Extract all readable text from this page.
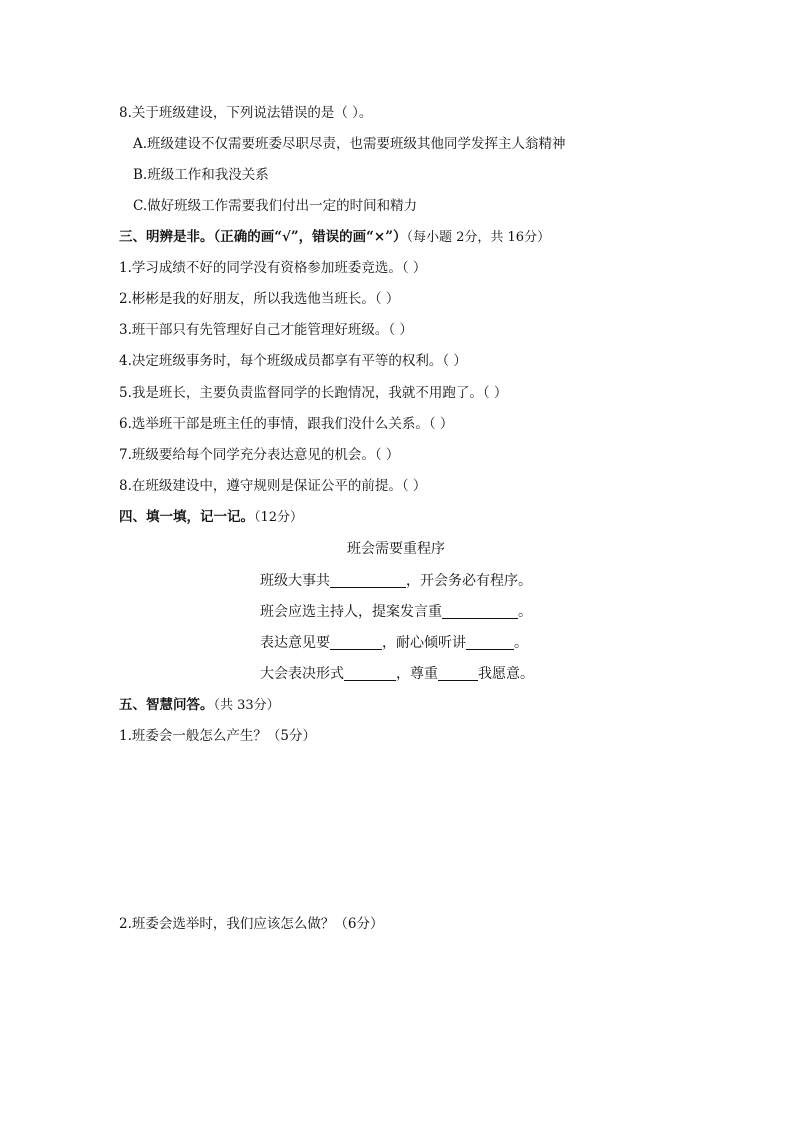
8.关于班级建设，下列说法错误的是（ ）。
A.班级建设不仅需要班委尽职尽责，也需要班级其他同学发挥主人翁精神
B.班级工作和我没关系
C.做好班级工作需要我们付出一定的时间和精力
三、明辨是非。（正确的画“√”，错误的画“×”）（每小题 2分，共 16分）
1.学习成绩不好的同学没有资格参加班委竞选。（ ）
2.彬彬是我的好朋友，所以我选他当班长。（ ）
3.班干部只有先管理好自己才能管理好班级。（ ）
4.决定班级事务时，每个班级成员都享有平等的权利。（ ）
5.我是班长，主要负责监督同学的长跑情况，我就不用跑了。（ ）
6.选举班干部是班主任的事情，跟我们没什么关系。（ ）
7.班级要给每个同学充分表达意见的机会。（ ）
8.在班级建设中，遵守规则是保证公平的前提。（ ）
四、填一填，记一记。（12分）
班会需要重程序
班级大事共	，开会务必有程序。
班会应选主持人，提案发言重	。
表达意见要	，耐心倾听讲	。
大会表决形式	，尊重	我愿意。
五、智慧问答。（共 33分）
1.班委会一般怎么产生？（5分）
2.班委会选举时，我们应该怎么做？（6分）
